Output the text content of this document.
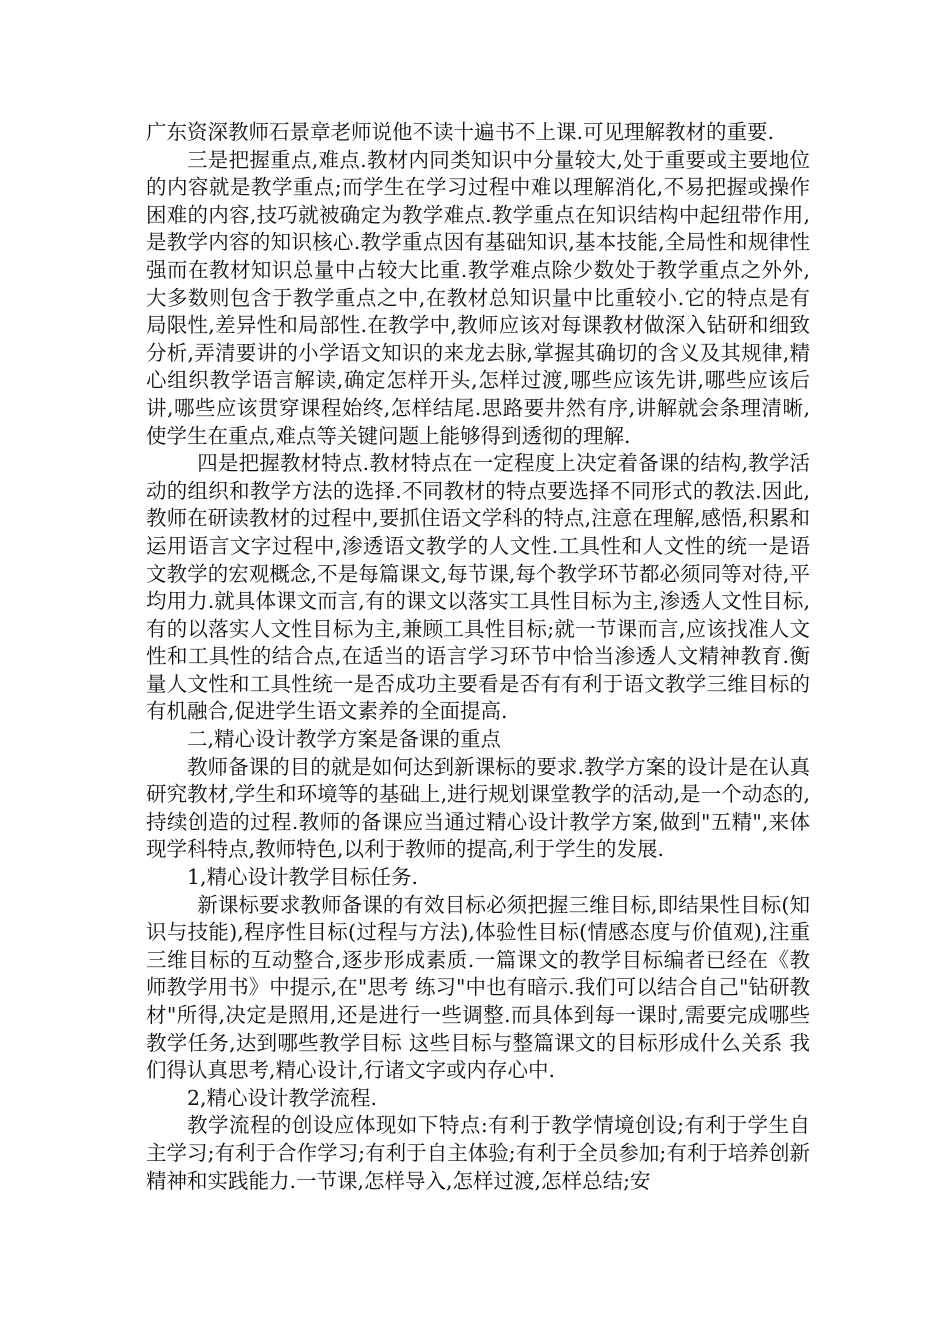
广东资深教师石景章老师说他不读十遍书不上课.可见理解教材的重要.

三是把握重点,难点.教材内同类知识中分量较大,处于重要或主要地位的内容就是教学重点;而学生在学习过程中难以理解消化,不易把握或操作困难的内容,技巧就被确定为教学难点.教学重点在知识结构中起纽带作用,是教学内容的知识核心.教学重点因有基础知识,基本技能,全局性和规律性强而在教材知识总量中占较大比重.教学难点除少数处于教学重点之外外,大多数则包含于教学重点之中,在教材总知识量中比重较小.它的特点是有局限性,差异性和局部性.在教学中,教师应该对每课教材做深入钻研和细致分析,弄清要讲的小学语文知识的来龙去脉,掌握其确切的含义及其规律,精心组织教学语言解读,确定怎样开头,怎样过渡,哪些应该先讲,哪些应该后讲,哪些应该贯穿课程始终,怎样结尾.思路要井然有序,讲解就会条理清晰,使学生在重点,难点等关键问题上能够得到透彻的理解.

四是把握教材特点.教材特点在一定程度上决定着备课的结构,教学活动的组织和教学方法的选择.不同教材的特点要选择不同形式的教法.因此,教师在研读教材的过程中,要抓住语文学科的特点,注意在理解,感悟,积累和运用语言文字过程中,渗透语文教学的人文性.工具性和人文性的统一是语文教学的宏观概念,不是每篇课文,每节课,每个教学环节都必须同等对待,平均用力.就具体课文而言,有的课文以落实工具性目标为主,渗透人文性目标,有的以落实人文性目标为主,兼顾工具性目标;就一节课而言,应该找准人文性和工具性的结合点,在适当的语言学习环节中恰当渗透人文精神教育.衡量人文性和工具性统一是否成功主要看是否有有利于语文教学三维目标的有机融合,促进学生语文素养的全面提高.

二,精心设计教学方案是备课的重点

教师备课的目的就是如何达到新课标的要求.教学方案的设计是在认真研究教材,学生和环境等的基础上,进行规划课堂教学的活动,是一个动态的,持续创造的过程.教师的备课应当通过精心设计教学方案,做到"五精",来体现学科特点,教师特色,以利于教师的提高,利于学生的发展.

1,精心设计教学目标任务.

新课标要求教师备课的有效目标必须把握三维目标,即结果性目标(知识与技能),程序性目标(过程与方法),体验性目标(情感态度与价值观),注重三维目标的互动整合,逐步形成素质.一篇课文的教学目标编者已经在《教师教学用书》中提示,在"思考 练习"中也有暗示.我们可以结合自己"钻研教材"所得,决定是照用,还是进行一些调整.而具体到每一课时,需要完成哪些教学任务,达到哪些教学目标 这些目标与整篇课文的目标形成什么关系 我们得认真思考,精心设计,行诸文字或内存心中.

2,精心设计教学流程.

教学流程的创设应体现如下特点:有利于教学情境创设;有利于学生自主学习;有利于合作学习;有利于自主体验;有利于全员参加;有利于培养创新精神和实践能力.一节课,怎样导入,怎样过渡,怎样总结;安
